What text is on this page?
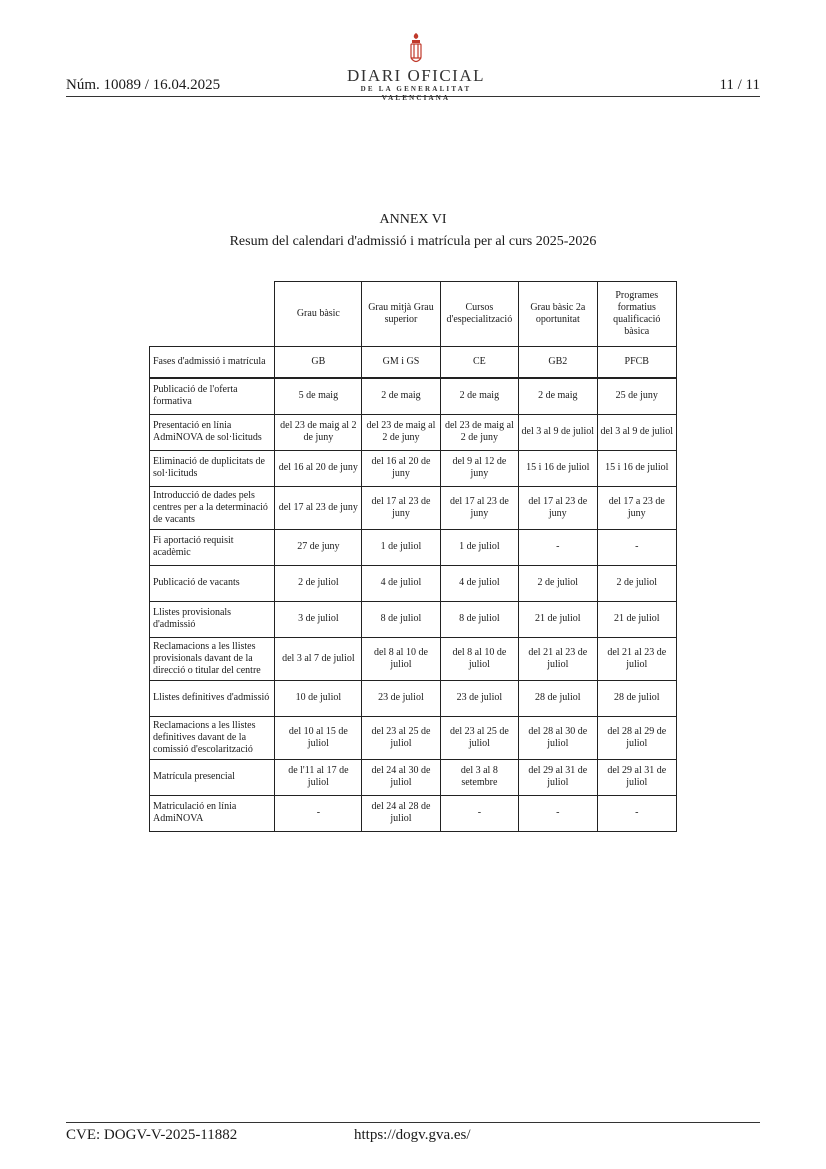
Núm. 10089 / 16.04.2025	DIARI OFICIAL
DE LA GENERALITAT VALENCIANA
11 / 11
ANNEX VI
Resum del calendari d'admissió i matrícula per al curs 2025-2026
	Grau bàsic	Grau mitjà Grau superior	Cursos d'especialització	Grau bàsic 2a oportunitat	Programes formatius qualificació bàsica
Fases d'admissió i matrícula	GB	GM i GS	CE	GB2	PFCB
Publicació de l'oferta formativa	5 de maig	2 de maig	2 de maig	2 de maig	25 de juny
Presentació en línia AdmiNOVA de sol·licituds	del 23 de maig al 2 de juny	del 23 de maig al 2 de juny	del 23 de maig al 2 de juny	del 3 al 9 de juliol	del 3 al 9 de juliol
Eliminació de duplicitats de sol·licituds	del 16 al 20 de juny	del 16 al 20 de juny	del 9 al 12 de juny	15 i 16 de juliol	15 i 16 de juliol
Introducció de dades pels centres per a la determinació de vacants	del 17 al 23 de juny	del 17 al 23 de juny	del 17 al 23 de juny	del 17 al 23 de juny	del 17 a 23 de juny
Fi aportació requisit acadèmic	27 de juny	1 de juliol	1 de juliol	-	-
Publicació de vacants	2 de juliol	4 de juliol	4 de juliol	2 de juliol	2 de juliol
Llistes provisionals d'admissió	3 de juliol	8 de juliol	8 de juliol	21 de juliol	21 de juliol
Reclamacions a les llistes provisionals davant de la direcció o titular del centre	del 3 al 7 de juliol	del 8 al 10 de juliol	del 8 al 10 de juliol	del 21 al 23 de juliol	del 21 al 23 de juliol
Llistes definitives d'admissió	10 de juliol	23 de juliol	23 de juliol	28 de juliol	28 de juliol
Reclamacions a les llistes definitives davant de la comissió d'escolarització	del 10 al 15 de juliol	del 23 al 25 de juliol	del 23 al 25 de juliol	del 28 al 30 de juliol	del 28 al 29 de juliol
Matrícula presencial	de l'11 al 17 de juliol	del 24 al 30 de juliol	del 3 al 8 setembre	del 29 al 31 de juliol	del 29 al 31 de juliol
Matriculació en línia AdmiNOVA	-	del 24 al 28 de juliol	-	-	-
CVE: DOGV-V-2025-11882	https://dogv.gva.es/
